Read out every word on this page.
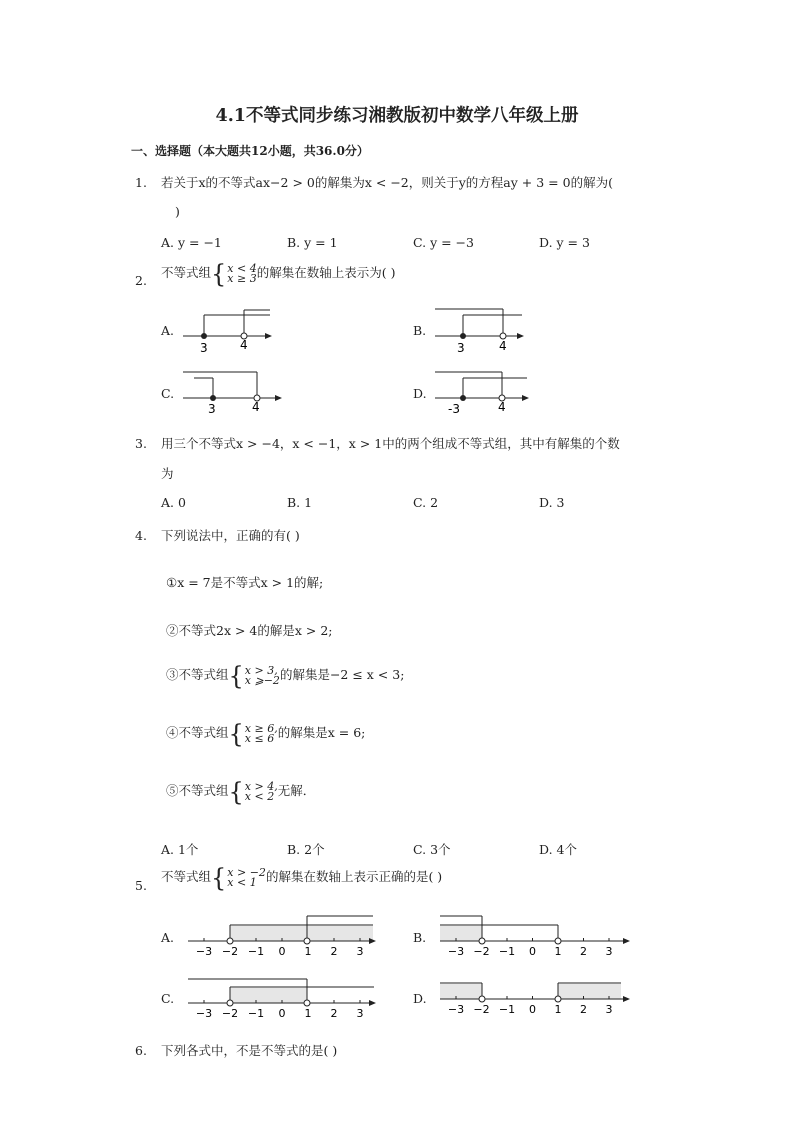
4.1不等式同步练习湘教版初中数学八年级上册
一、选择题（本大题共12小题，共36.0分）
1. 若关于x的不等式ax−2 > 0的解集为x < −2，则关于y的方程ay + 3 = 0的解为(
)
A. y = −1	B. y = 1	C. y = −3	D. y = 3
2.
不等式组 { x < 4
x ≥ 3 的解集在数轴上表示为( )
A.
3	4
B.
3	4
C.
3	4
D.
-3	4
3. 用三个不等式x > −4，x < −1，x > 1中的两个组成不等式组，其中有解集的个数
为
A. 0	B. 1	C. 2	D. 3
4. 下列说法中，正确的有( )
①x = 7是不等式x > 1的解;
②不等式2x > 4的解是x > 2;
③不等式组 { x > 3,
x ⩾−2 的解集是−2 ≤ x < 3;
④不等式组 { x ≥ 6,
x ≤ 6 的解集是x = 6;
⑤不等式组 { x > 4,
x < 2 无解．
A. 1个	B. 2个	C. 3个	D. 4个
5.
不等式组 { x > −2
x < 1 的解集在数轴上表示正确的是( )
A.
−3 −2 −1 0 1 2 3
B.
−3 −2 −1 0 1 2 3
C.
−3 −2 −1 0 1 2 3
D.
−3 −2 −1 0 1 2 3
6. 下列各式中，不是不等式的是( )
